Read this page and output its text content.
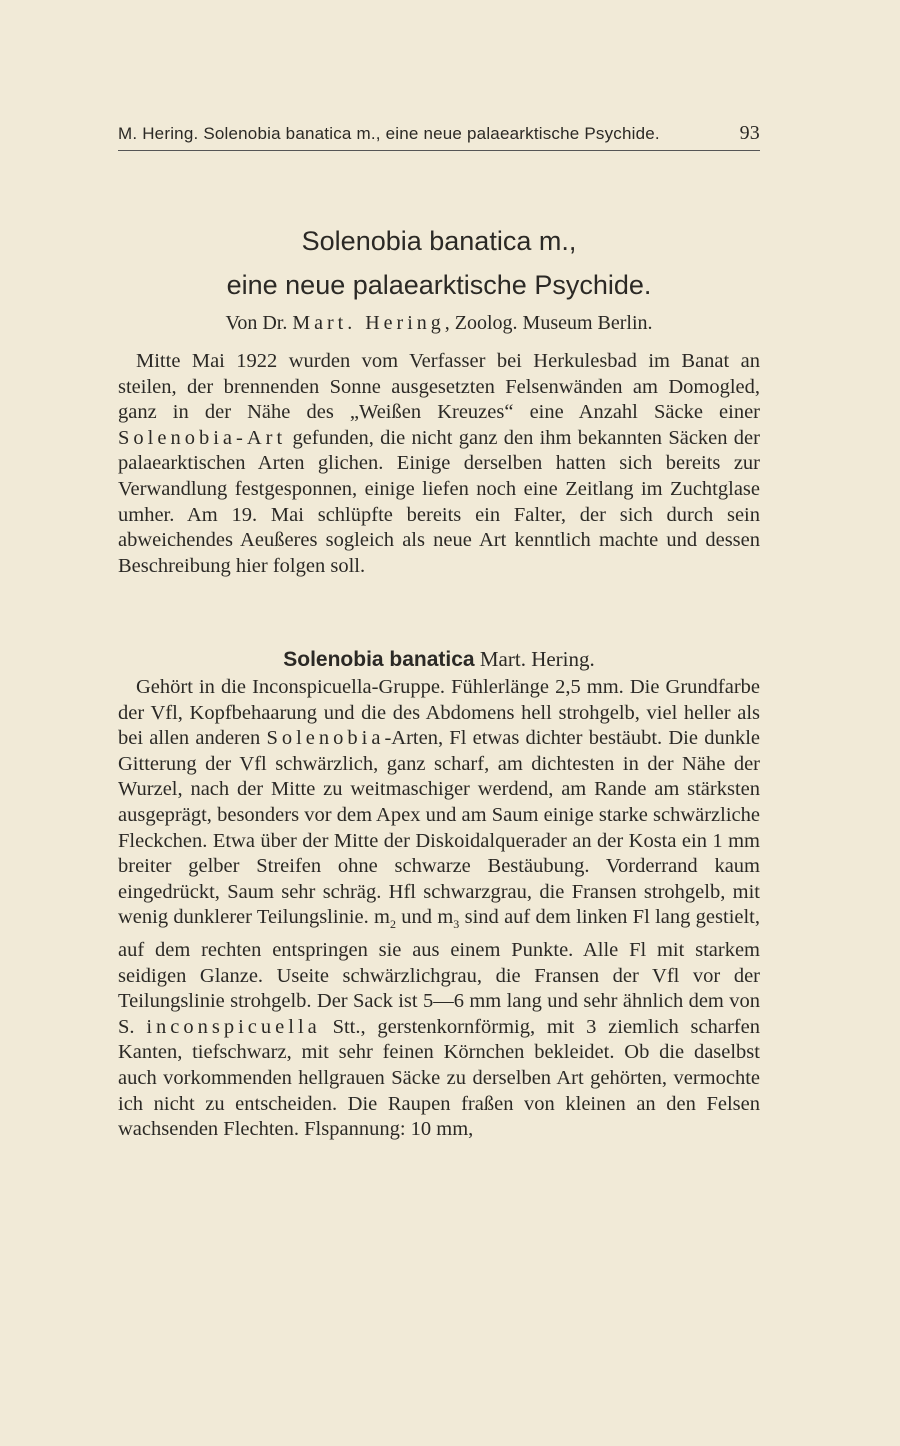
M. Hering. Solenobia banatica m., eine neue palaearktische Psychide.	93
Solenobia banatica m.,
eine neue palaearktische Psychide.
Von Dr. Mart. Hering, Zoolog. Museum Berlin.

Mitte Mai 1922 wurden vom Verfasser bei Herkulesbad im Banat an steilen, der brennenden Sonne ausgesetzten Felsenwänden am Domogled, ganz in der Nähe des „Weißen Kreuzes“ eine Anzahl Säcke einer Solenobia-Art gefunden, die nicht ganz den ihm bekannten Säcken der palaearktischen Arten glichen. Einige derselben hatten sich bereits zur Verwandlung festgesponnen, einige liefen noch eine Zeitlang im Zuchtglase umher. Am 19. Mai schlüpfte bereits ein Falter, der sich durch sein abweichendes Aeußeres sogleich als neue Art kenntlich machte und dessen Beschreibung hier folgen soll.

Solenobia banatica Mart. Hering.

Gehört in die Inconspicuella-Gruppe. Fühlerlänge 2,5 mm. Die Grundfarbe der Vfl, Kopfbehaarung und die des Abdomens hell strohgelb, viel heller als bei allen anderen Solenobia-Arten, Fl etwas dichter bestäubt. Die dunkle Gitterung der Vfl schwärzlich, ganz scharf, am dichtesten in der Nähe der Wurzel, nach der Mitte zu weitmaschiger werdend, am Rande am stärksten ausgeprägt, besonders vor dem Apex und am Saum einige starke schwärzliche Fleckchen. Etwa über der Mitte der Diskoidalquerader an der Kosta ein 1 mm breiter gelber Streifen ohne schwarze Bestäubung. Vorderrand kaum eingedrückt, Saum sehr schräg. Hfl schwarzgrau, die Fransen strohgelb, mit wenig dunklerer Teilungslinie. $m_2$ und $m_3$ sind auf dem linken Fl lang gestielt, auf dem rechten entspringen sie aus einem Punkte. Alle Fl mit starkem seidigen Glanze. Useite schwärzlichgrau, die Fransen der Vfl vor der Teilungslinie strohgelb. Der Sack ist 5—6 mm lang und sehr ähnlich dem von S. inconspicuella Stt., gerstenkornförmig, mit 3 ziemlich scharfen Kanten, tiefschwarz, mit sehr feinen Körnchen bekleidet. Ob die daselbst auch vorkommenden hellgrauen Säcke zu derselben Art gehörten, vermochte ich nicht zu entscheiden. Die Raupen fraßen von kleinen an den Felsen wachsenden Flechten. Flspannung: 10 mm,
